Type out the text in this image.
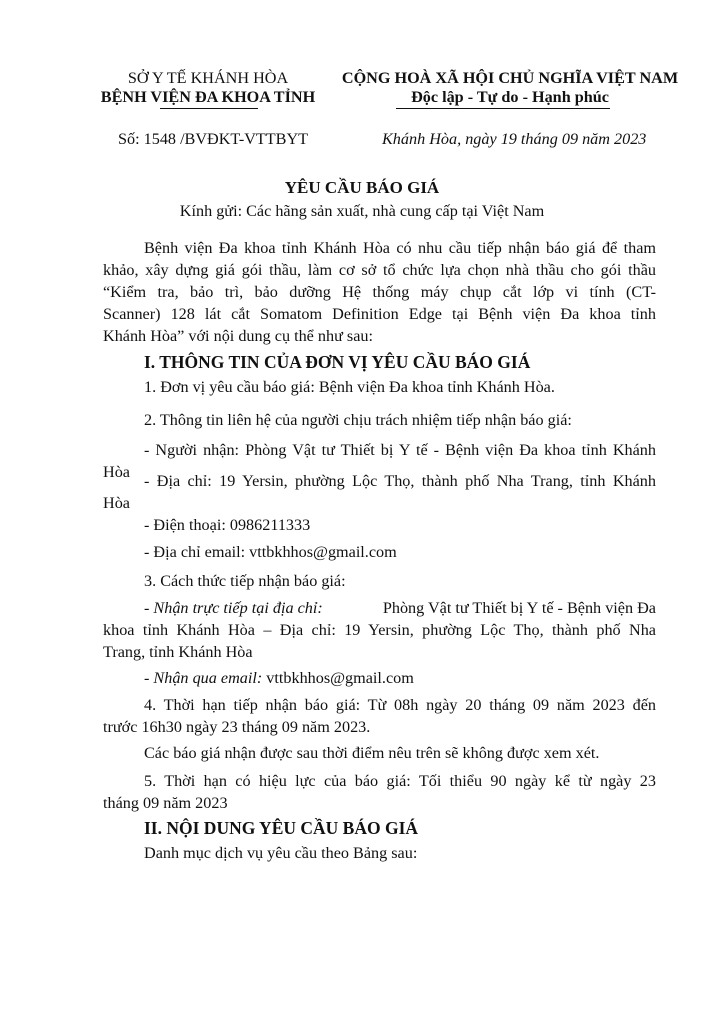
SỞ Y TẾ KHÁNH HÒA
BỆNH VIỆN ĐA KHOA TỈNH
CỘNG HOÀ XÃ HỘI CHỦ NGHĨA VIỆT NAM
Độc lập - Tự do - Hạnh phúc
Số: 1548 /BVĐKT-VTTBYT	Khánh Hòa, ngày 19 tháng 09 năm 2023
YÊU CẦU BÁO GIÁ
Kính gửi: Các hãng sản xuất, nhà cung cấp tại Việt Nam
Bệnh viện Đa khoa tỉnh Khánh Hòa có nhu cầu tiếp nhận báo giá để tham
khảo, xây dựng giá gói thầu, làm cơ sở tổ chức lựa chọn nhà thầu cho gói thầu
“Kiểm tra, bảo trì, bảo dưỡng Hệ thống máy chụp cắt lớp vi tính (CT-
Scanner) 128 lát cắt Somatom Definition Edge tại Bệnh viện Đa khoa tỉnh
Khánh Hòa” với nội dung cụ thể như sau:
I. THÔNG TIN CỦA ĐƠN VỊ YÊU CẦU BÁO GIÁ
1. Đơn vị yêu cầu báo giá: Bệnh viện Đa khoa tỉnh Khánh Hòa.
2. Thông tin liên hệ của người chịu trách nhiệm tiếp nhận báo giá:
- Người nhận: Phòng Vật tư Thiết bị Y tế - Bệnh viện Đa khoa tỉnh Khánh
Hòa - Địa chỉ: 19 Yersin, phường Lộc Thọ, thành phố Nha Trang, tỉnh Khánh
Hòa
- Điện thoại: 0986211333
- Địa chỉ email: vttbkhhos@gmail.com
3. Cách thức tiếp nhận báo giá:
- Nhận trực tiếp tại địa chỉ:	Phòng Vật tư Thiết bị Y tế - Bệnh viện Đa
khoa tỉnh Khánh Hòa – Địa chỉ: 19 Yersin, phường Lộc Thọ, thành phố Nha
Trang, tỉnh Khánh Hòa
- Nhận qua email: vttbkhhos@gmail.com
4. Thời hạn tiếp nhận báo giá: Từ 08h ngày 20 tháng 09 năm 2023 đến
trước 16h30 ngày 23 tháng 09 năm 2023.
Các báo giá nhận được sau thời điểm nêu trên sẽ không được xem xét.
5. Thời hạn có hiệu lực của báo giá: Tối thiểu 90 ngày kể từ ngày 23
tháng 09 năm 2023
II. NỘI DUNG YÊU CẦU BÁO GIÁ
Danh mục dịch vụ yêu cầu theo Bảng sau:
